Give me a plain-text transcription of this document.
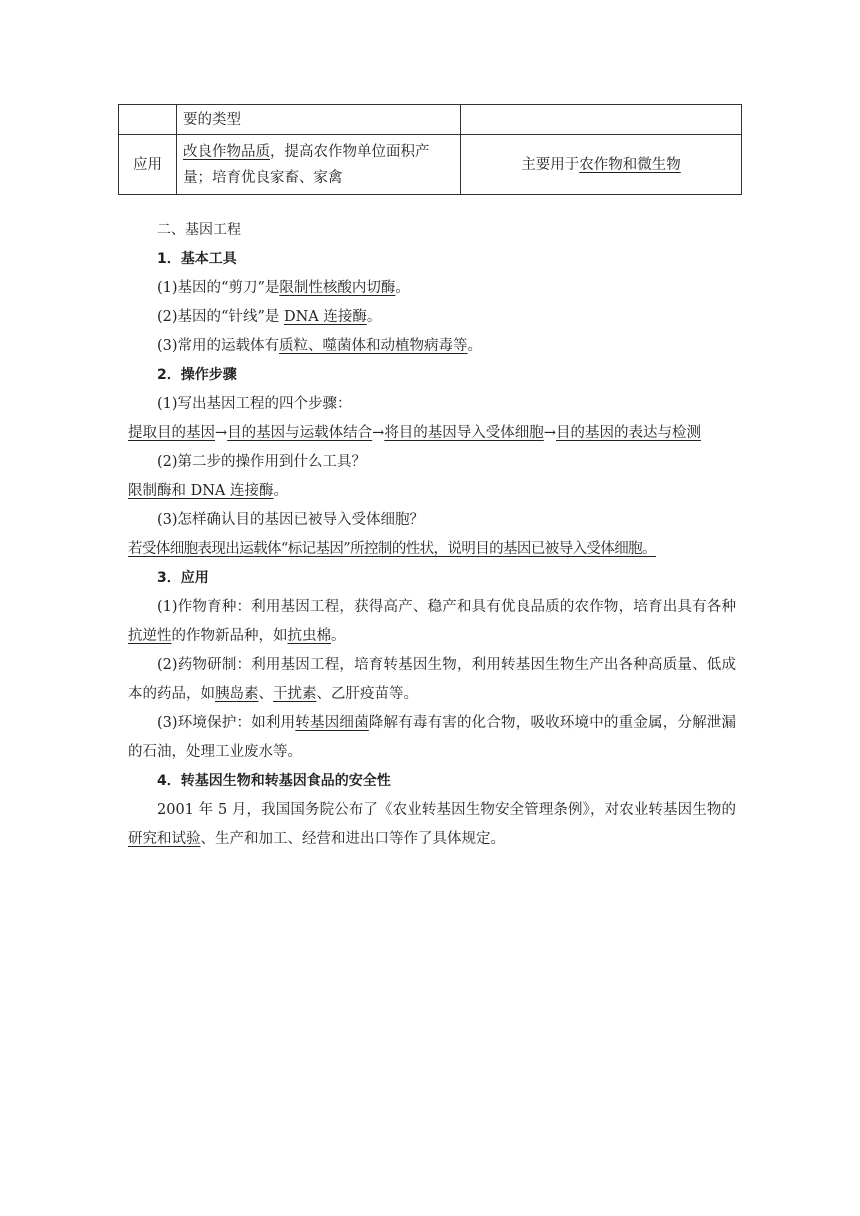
	要的类型	
应用	改良作物品质，提高农作物单位面积产量；培育优良家畜、家禽	主要用于农作物和微生物
二、基因工程
1．基本工具
(1)基因的“剪刀”是限制性核酸内切酶。
(2)基因的“针线”是 DNA 连接酶。
(3)常用的运载体有质粒、噬菌体和动植物病毒等。
2．操作步骤
(1)写出基因工程的四个步骤：
提取目的基因→目的基因与运载体结合→将目的基因导入受体细胞→目的基因的表达与检测
(2)第二步的操作用到什么工具？
限制酶和 DNA 连接酶。
(3)怎样确认目的基因已被导入受体细胞？
若受体细胞表现出运载体“标记基因”所控制的性状，说明目的基因已被导入受体细胞。
3．应用
(1)作物育种：利用基因工程，获得高产、稳产和具有优良品质的农作物，培育出具有各种抗逆性的作物新品种，如抗虫棉。
(2)药物研制：利用基因工程，培育转基因生物，利用转基因生物生产出各种高质量、低成本的药品，如胰岛素、干扰素、乙肝疫苗等。
(3)环境保护：如利用转基因细菌降解有毒有害的化合物，吸收环境中的重金属，分解泄漏的石油，处理工业废水等。
4．转基因生物和转基因食品的安全性
2001 年 5 月，我国国务院公布了《农业转基因生物安全管理条例》，对农业转基因生物的研究和试验、生产和加工、经营和进出口等作了具体规定。
